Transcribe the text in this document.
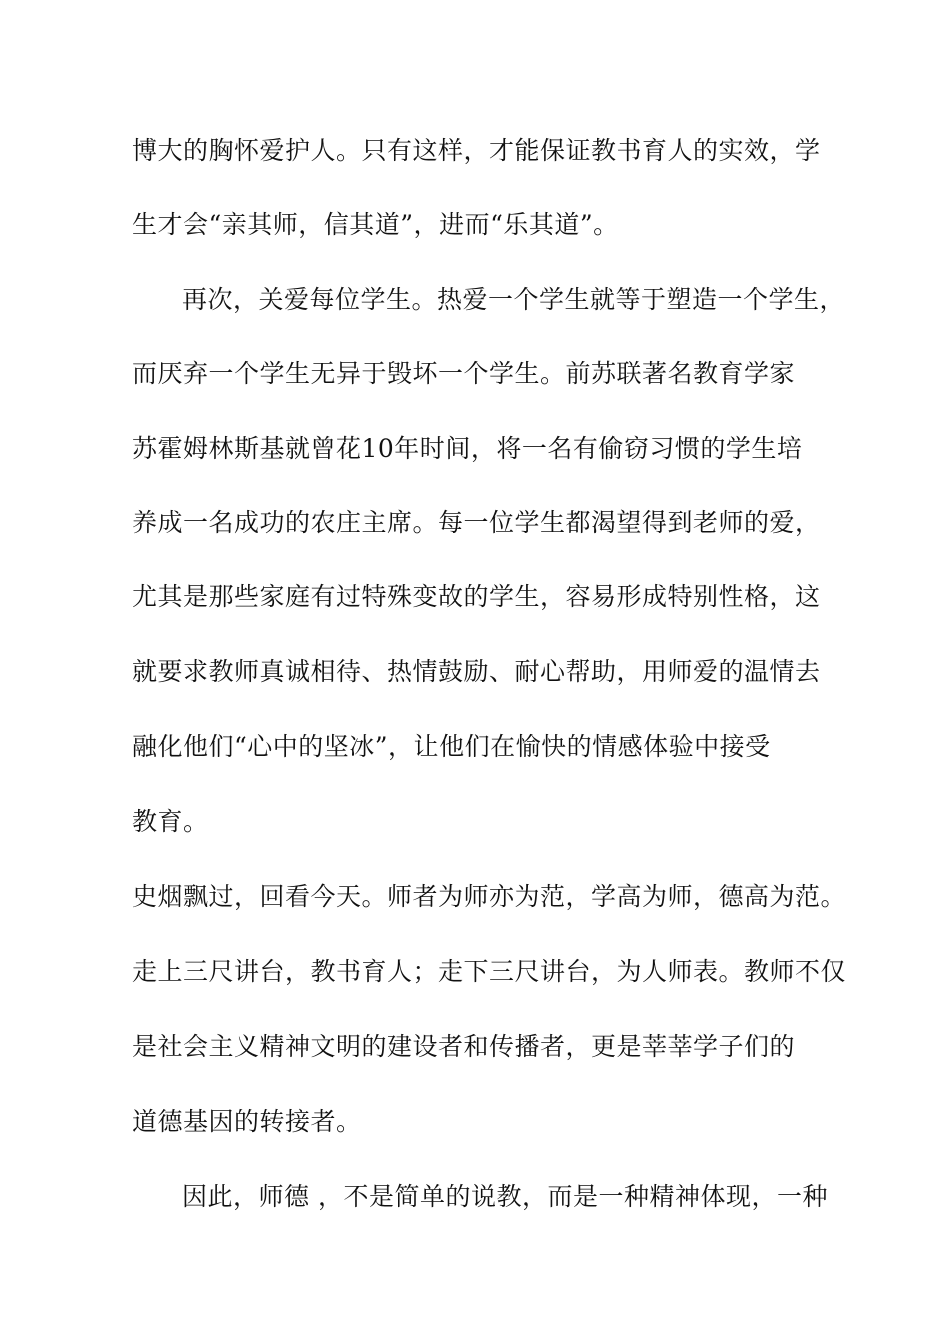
博大的胸怀爱护人。只有这样，才能保证教书育人的实效，学

生才会“亲其师，信其道”，进而“乐其道”。

再次，关爱每位学生。热爱一个学生就等于塑造一个学生，

而厌弃一个学生无异于毁坏一个学生。前苏联著名教育学家

苏霍姆林斯基就曾花10年时间，将一名有偷窃习惯的学生培

养成一名成功的农庄主席。每一位学生都渴望得到老师的爱，

尤其是那些家庭有过特殊变故的学生，容易形成特别性格，这

就要求教师真诚相待、热情鼓励、耐心帮助，用师爱的温情去

融化他们“心中的坚冰”，让他们在愉快的情感体验中接受

教育。

史烟飘过，回看今天。师者为师亦为范，学高为师，德高为范。

走上三尺讲台，教书育人；走下三尺讲台，为人师表。教师不仅

是社会主义精神文明的建设者和传播者，更是莘莘学子们的

道德基因的转接者。

因此，师德 ，不是简单的说教，而是一种精神体现，一种
